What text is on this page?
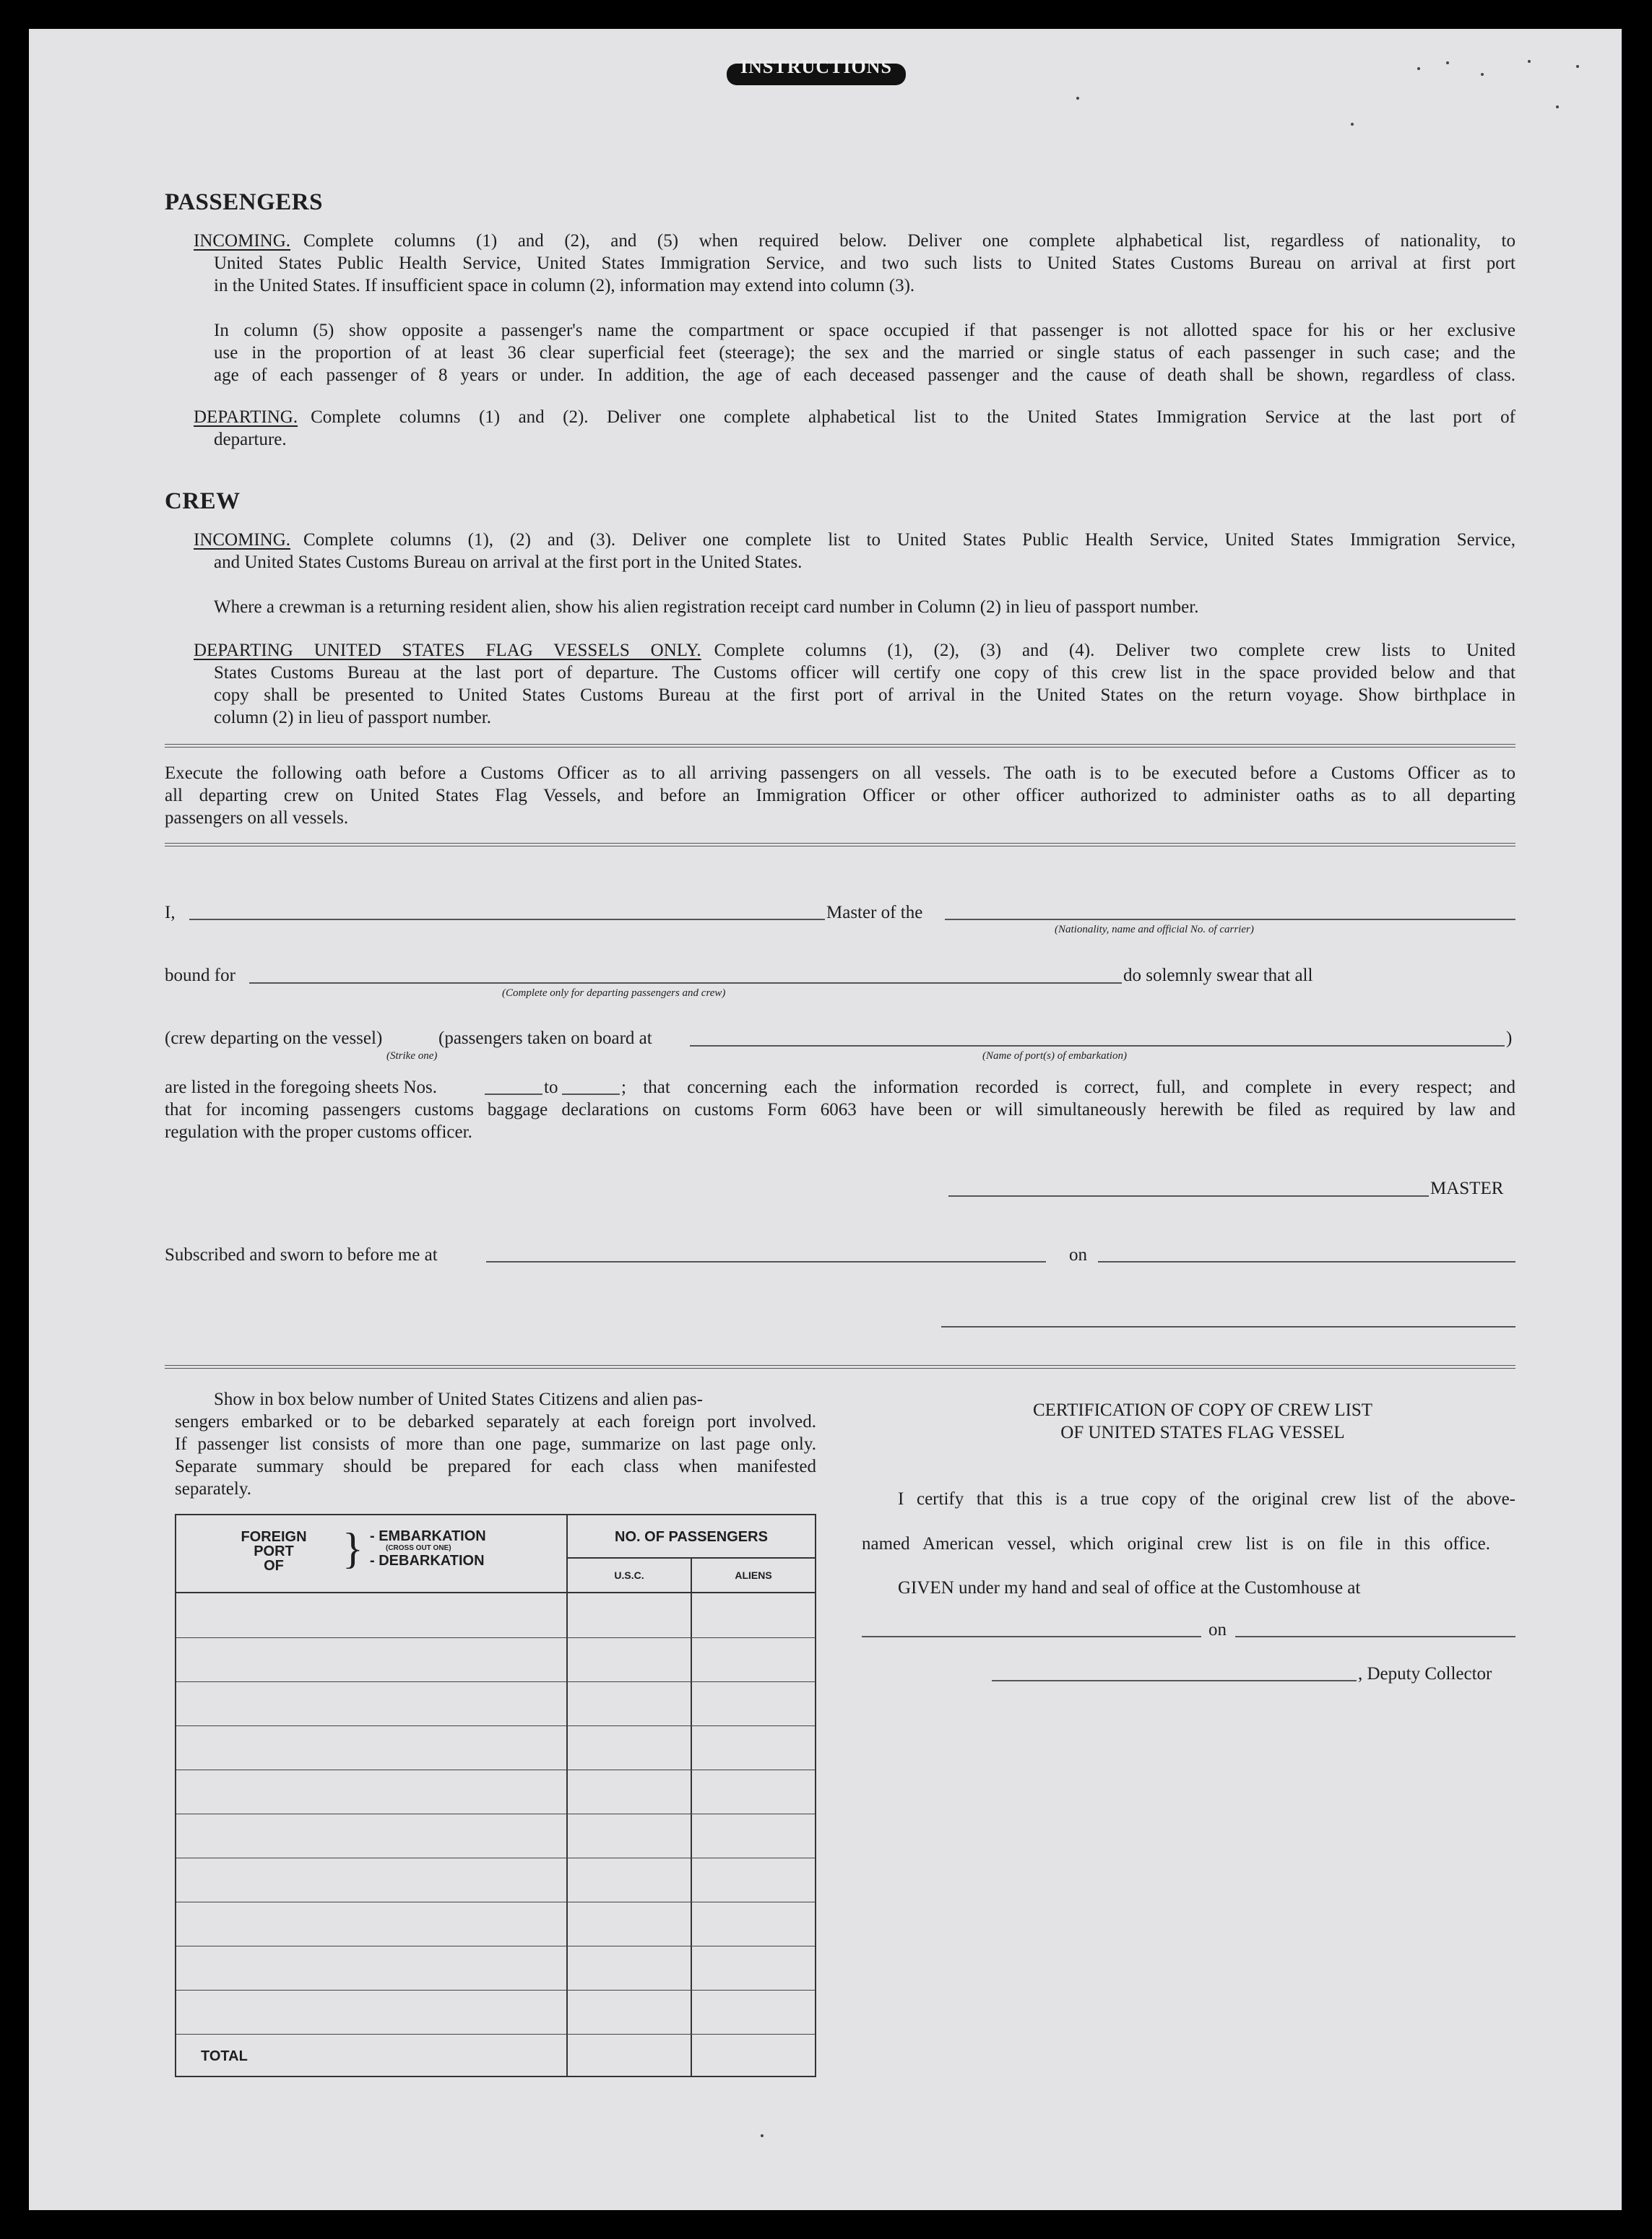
INSTRUCTIONS
PASSENGERS
INCOMING. Complete columns (1) and (2), and (5) when required below. Deliver one complete alphabetical list, regardless of nationality, to
United States Public Health Service, United States Immigration Service, and two such lists to United States Customs Bureau on arrival at first port
in the United States. If insufficient space in column (2), information may extend into column (3).
In column (5) show opposite a passenger's name the compartment or space occupied if that passenger is not allotted space for his or her exclusive
use in the proportion of at least 36 clear superficial feet (steerage); the sex and the married or single status of each passenger in such case; and the
age of each passenger of 8 years or under. In addition, the age of each deceased passenger and the cause of death shall be shown, regardless of class.
DEPARTING. Complete columns (1) and (2). Deliver one complete alphabetical list to the United States Immigration Service at the last port of
departure.
CREW
INCOMING. Complete columns (1), (2) and (3). Deliver one complete list to United States Public Health Service, United States Immigration Service,
and United States Customs Bureau on arrival at the first port in the United States.
Where a crewman is a returning resident alien, show his alien registration receipt card number in Column (2) in lieu of passport number.
DEPARTING UNITED STATES FLAG VESSELS ONLY. Complete columns (1), (2), (3) and (4). Deliver two complete crew lists to United
States Customs Bureau at the last port of departure. The Customs officer will certify one copy of this crew list in the space provided below and that
copy shall be presented to United States Customs Bureau at the first port of arrival in the United States on the return voyage. Show birthplace in
column (2) in lieu of passport number.
Execute the following oath before a Customs Officer as to all arriving passengers on all vessels. The oath is to be executed before a Customs Officer as to
all departing crew on United States Flag Vessels, and before an Immigration Officer or other officer authorized to administer oaths as to all departing
passengers on all vessels.
I,	Master of the
(Nationality, name and official No. of carrier)
bound for
(Complete only for departing passengers and crew)
do solemnly swear that all
(crew departing on the vessel)	(passengers taken on board at	)
(Strike one)	(Name of port(s) of embarkation)
are listed in the foregoing sheets Nos.	to	; that concerning each the information recorded is correct, full, and complete in every respect; and
that for incoming passengers customs baggage declarations on customs Form 6063 have been or will simultaneously herewith be filed as required by law and
regulation with the proper customs officer.
MASTER
Subscribed and sworn to before me at	on
Show in box below number of United States Citizens and alien pas-
sengers embarked or to be debarked separately at each foreign port involved.
If passenger list consists of more than one page, summarize on last page only.
Separate summary should be prepared for each class when manifested
separately.
FOREIGN
PORT
OF	} - EMBARKATION
(CROSS OUT ONE)
- DEBARKATION
NO. OF PASSENGERS
U.S.C.	ALIENS
TOTAL
CERTIFICATION OF COPY OF CREW LIST
OF UNITED STATES FLAG VESSEL
I certify that this is a true copy of the original crew list of the above-
named American vessel, which original crew list is on file in this office.
GIVEN under my hand and seal of office at the Customhouse at
on
, Deputy Collector
